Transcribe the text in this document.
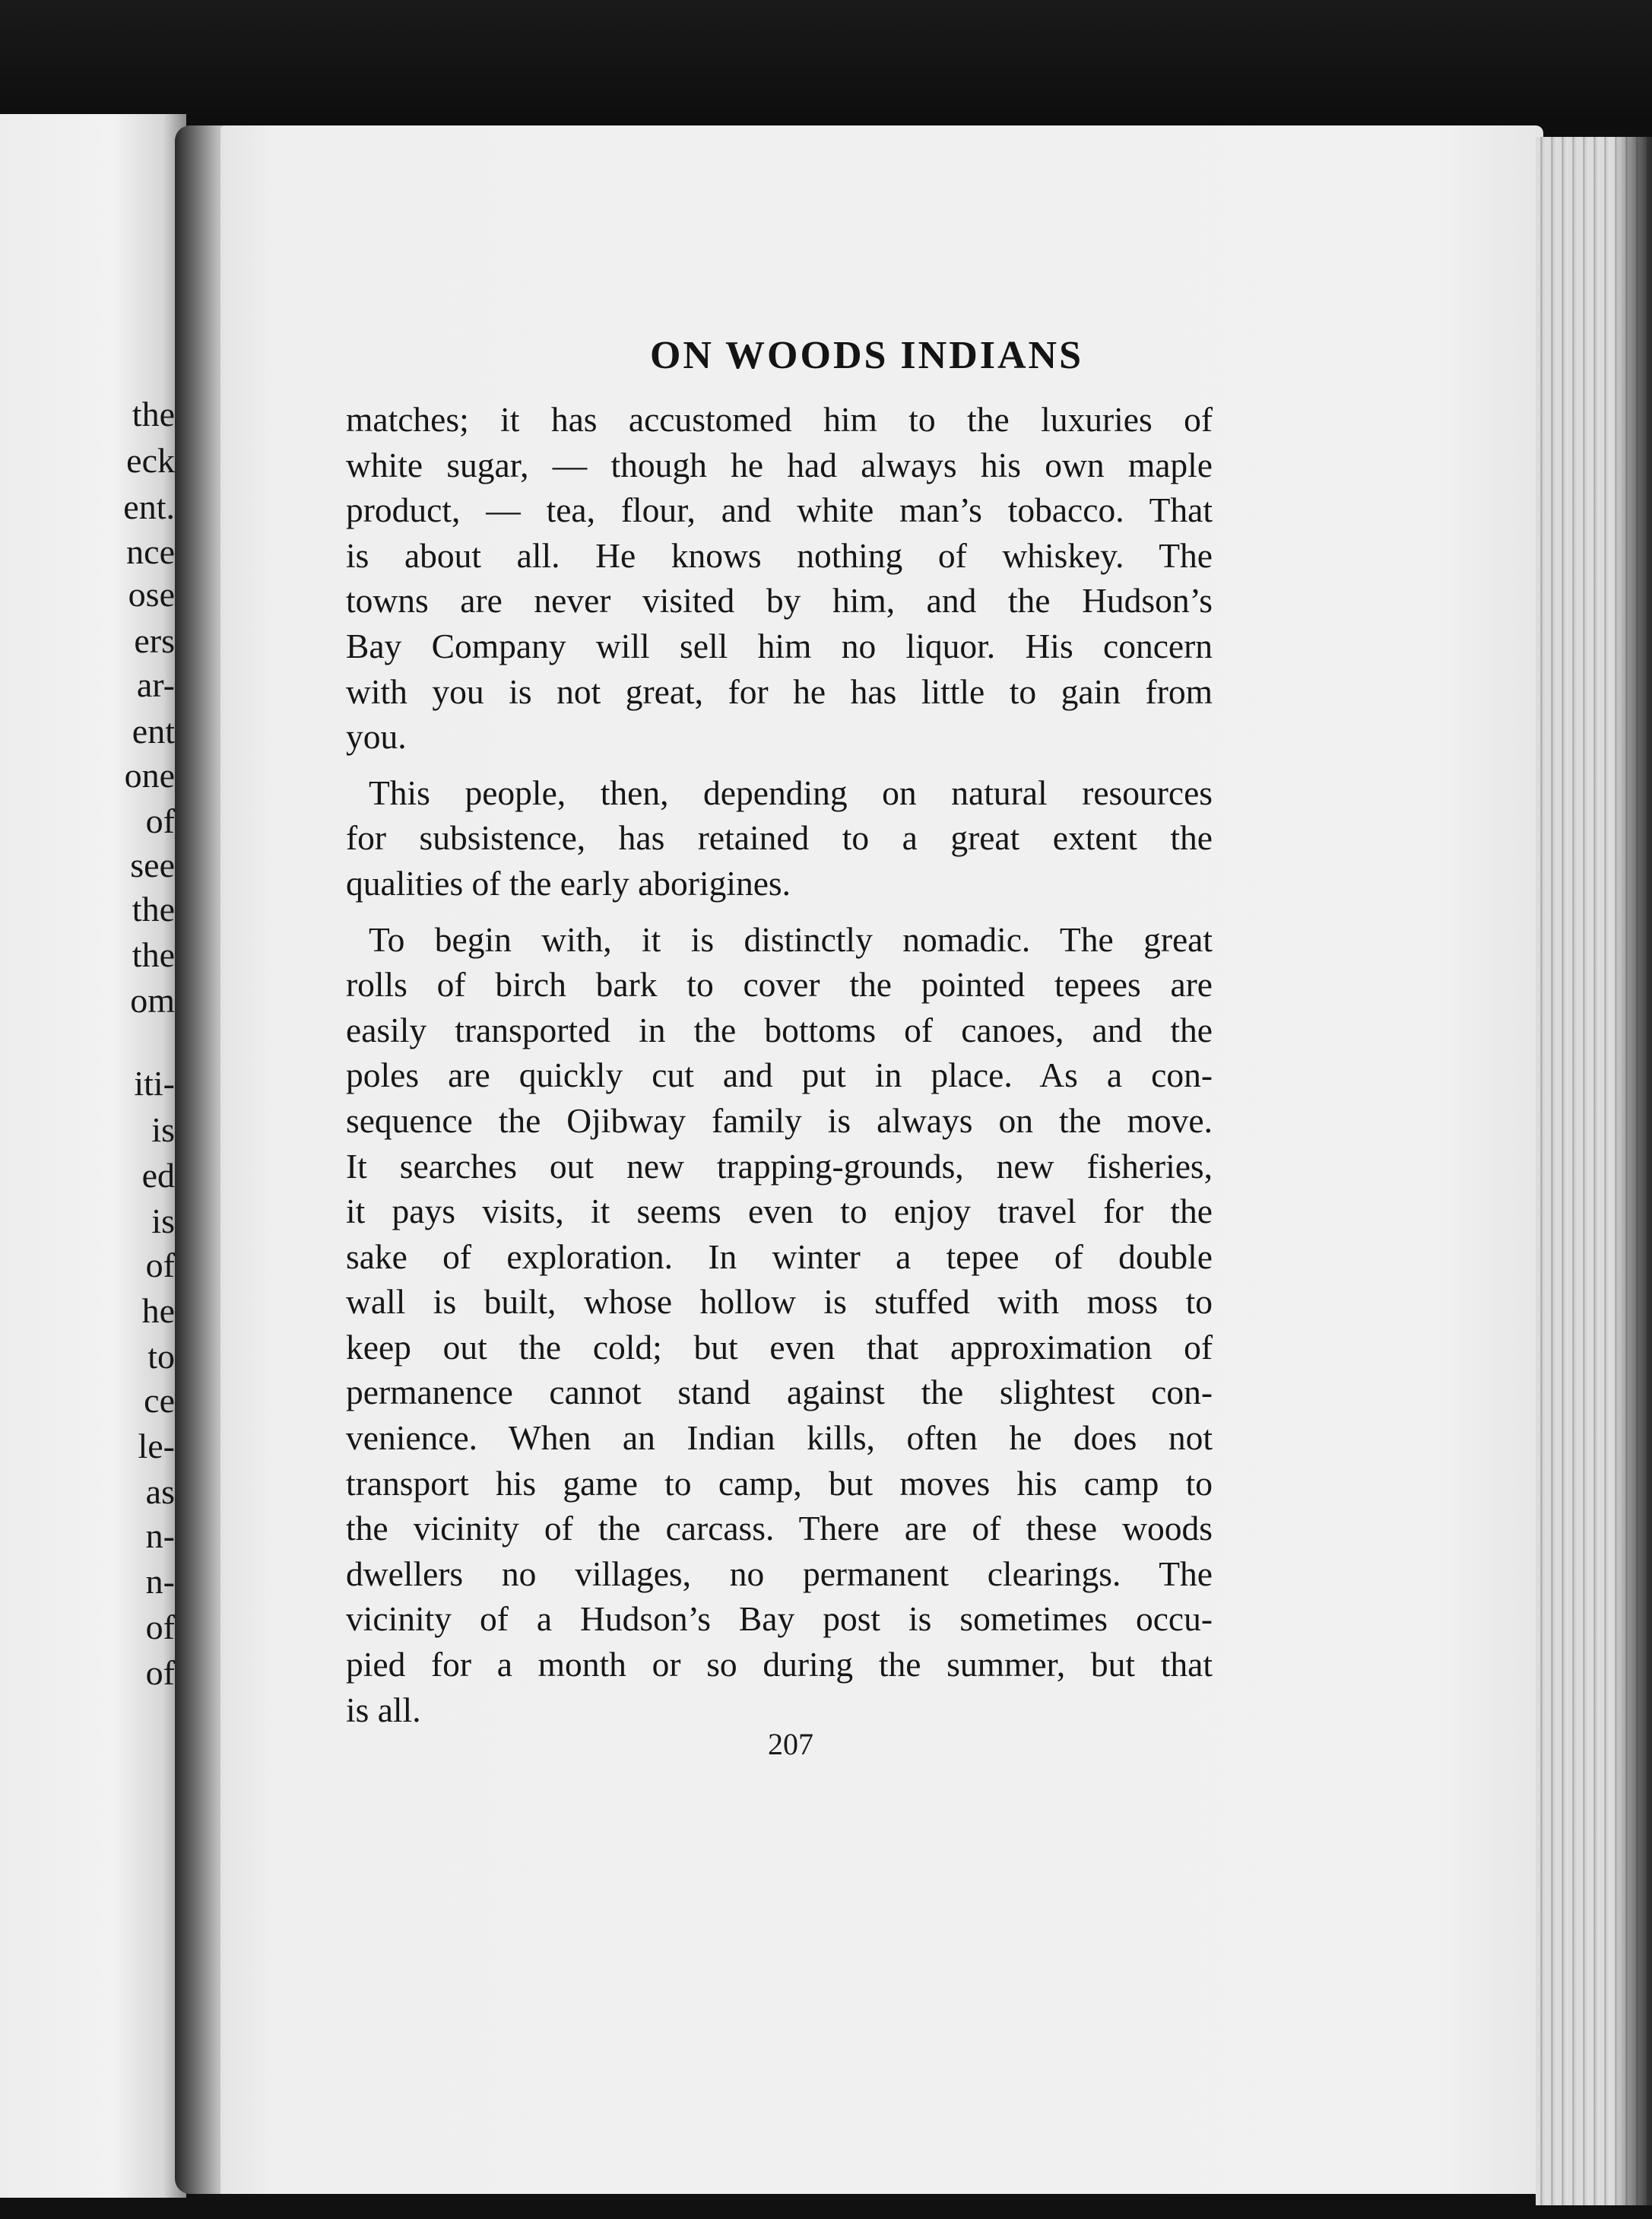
the
eck
ent.
nce
ose
ers
ar-
ent
one
of
see
the
the
om
iti-
is
ed
is
of
he
to
ce
le-
as
n-
n-
of
of
ON WOODS INDIANS
matches; it has accustomed him to the luxuries of
white sugar, — though he had always his own maple
product, — tea, flour, and white man’s tobacco. That
is about all. He knows nothing of whiskey. The
towns are never visited by him, and the Hudson’s
Bay Company will sell him no liquor. His concern
with you is not great, for he has little to gain from
you.
This people, then, depending on natural resources
for subsistence, has retained to a great extent the
qualities of the early aborigines.
To begin with, it is distinctly nomadic. The great
rolls of birch bark to cover the pointed tepees are
easily transported in the bottoms of canoes, and the
poles are quickly cut and put in place. As a con-
sequence the Ojibway family is always on the move.
It searches out new trapping-grounds, new fisheries,
it pays visits, it seems even to enjoy travel for the
sake of exploration. In winter a tepee of double
wall is built, whose hollow is stuffed with moss to
keep out the cold; but even that approximation of
permanence cannot stand against the slightest con-
venience. When an Indian kills, often he does not
transport his game to camp, but moves his camp to
the vicinity of the carcass. There are of these woods
dwellers no villages, no permanent clearings. The
vicinity of a Hudson’s Bay post is sometimes occu-
pied for a month or so during the summer, but that
is all.
207
